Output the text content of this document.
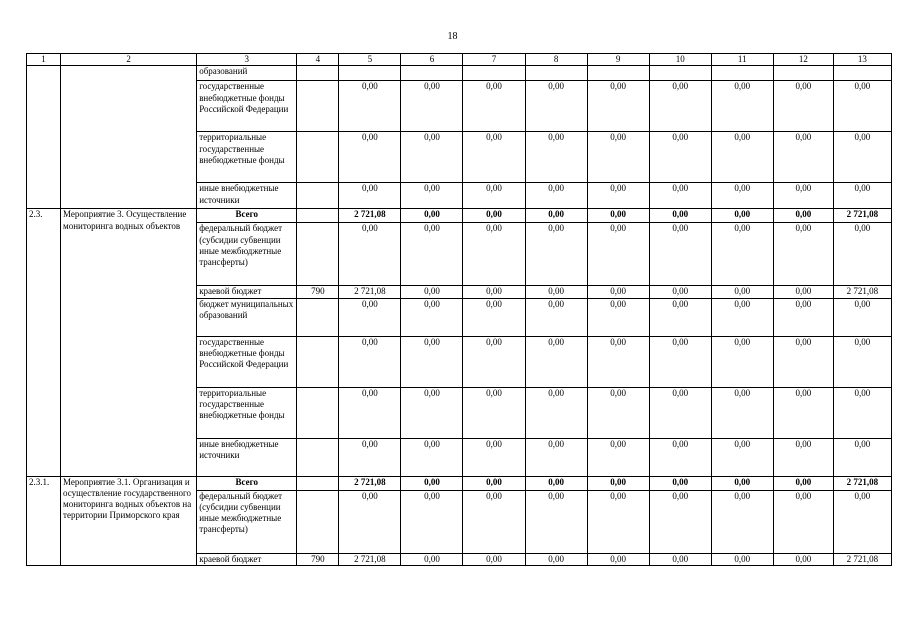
18
1	2	3	4	5	6	7	8	9	10	11	12	13
		образований										
		государственные внебюджетные фонды Российской Федерации		0,00	0,00	0,00	0,00	0,00	0,00	0,00	0,00	0,00
		территориальные государственные внебюджетные фонды		0,00	0,00	0,00	0,00	0,00	0,00	0,00	0,00	0,00
		иные внебюджетные источники		0,00	0,00	0,00	0,00	0,00	0,00	0,00	0,00	0,00
2.3.	Мероприятие 3. Осуществление мониторинга водных объектов	Всего		2 721,08	0,00	0,00	0,00	0,00	0,00	0,00	0,00	2 721,08
		федеральный бюджет (субсидии субвенции иные межбюджетные трансферты)		0,00	0,00	0,00	0,00	0,00	0,00	0,00	0,00	0,00
		краевой бюджет	790	2 721,08	0,00	0,00	0,00	0,00	0,00	0,00	0,00	2 721,08
		бюджет муниципальных образований		0,00	0,00	0,00	0,00	0,00	0,00	0,00	0,00	0,00
		государственные внебюджетные фонды Российской Федерации		0,00	0,00	0,00	0,00	0,00	0,00	0,00	0,00	0,00
		территориальные государственные внебюджетные фонды		0,00	0,00	0,00	0,00	0,00	0,00	0,00	0,00	0,00
		иные внебюджетные источники		0,00	0,00	0,00	0,00	0,00	0,00	0,00	0,00	0,00
2.3.1.	Мероприятие 3.1. Организация и осуществление государственного мониторинга водных объектов на территории Приморского края	Всего		2 721,08	0,00	0,00	0,00	0,00	0,00	0,00	0,00	2 721,08
		федеральный бюджет (субсидии субвенции иные межбюджетные трансферты)		0,00	0,00	0,00	0,00	0,00	0,00	0,00	0,00	0,00
		краевой бюджет	790	2 721,08	0,00	0,00	0,00	0,00	0,00	0,00	0,00	2 721,08
